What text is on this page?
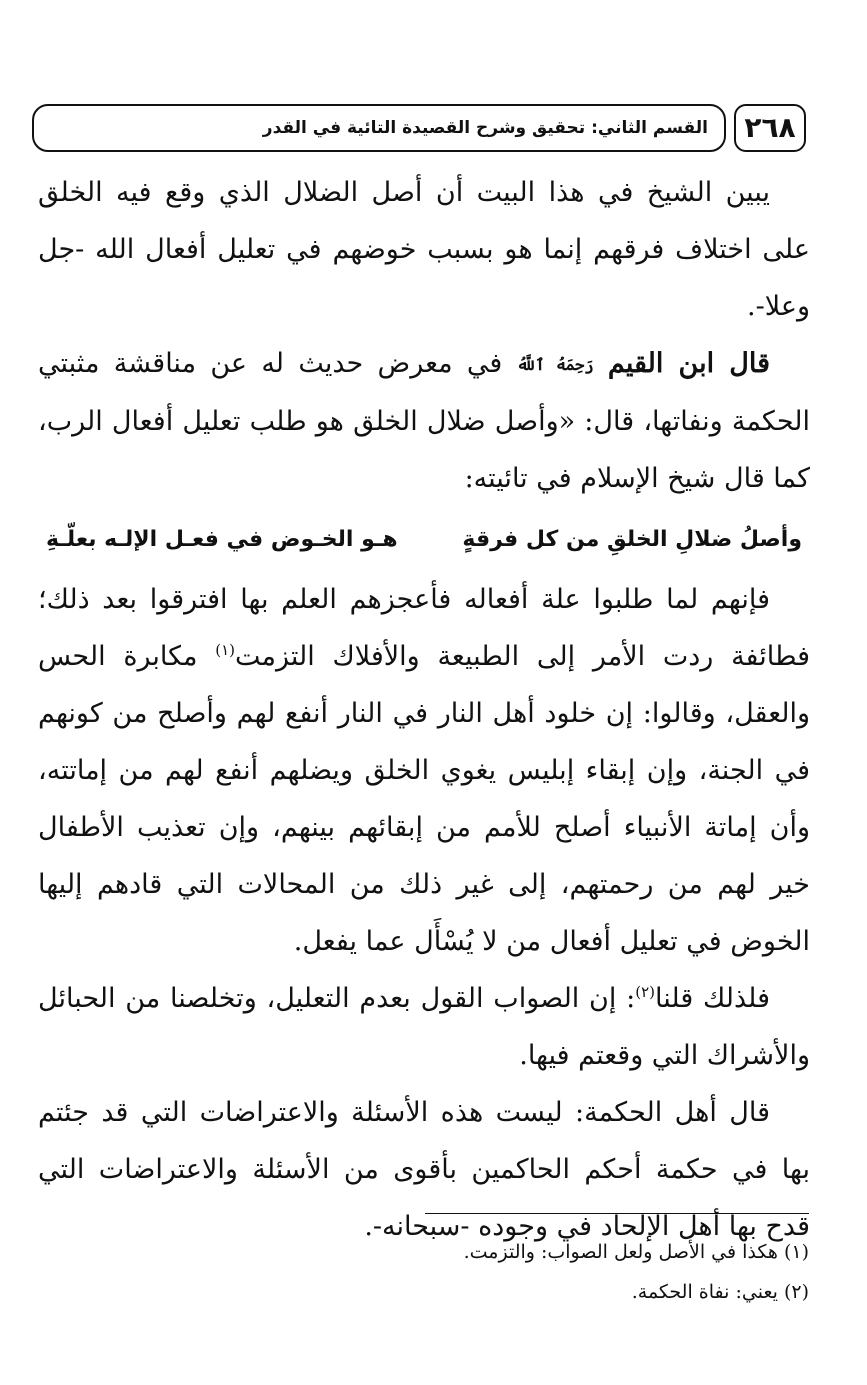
٢٦٨
القسم الثاني: تحقيق وشرح القصيدة التائية في القدر

يبين الشيخ في هذا البيت أن أصل الضلال الذي وقع فيه الخلق على اختلاف فرقهم إنما هو بسبب خوضهم في تعليل أفعال الله -جل وعلا-.

قال ابن القيم رَحِمَهُ ٱللَّهُ في معرض حديث له عن مناقشة مثبتي الحكمة ونفاتها، قال: «وأصل ضلال الخلق هو طلب تعليل أفعال الرب، كما قال شيخ الإسلام في تائيته:

وأصلُ ضلالِ الخلقِ من كل فرقةٍ
هـو الخـوض في فعـل الإلـه بعلّـةِ

فإنهم لما طلبوا علة أفعاله فأعجزهم العلم بها افترقوا بعد ذلك؛ فطائفة ردت الأمر إلى الطبيعة والأفلاك التزمت$^{(١)}$ مكابرة الحس والعقل، وقالوا: إن خلود أهل النار في النار أنفع لهم وأصلح من كونهم في الجنة، وإن إبقاء إبليس يغوي الخلق ويضلهم أنفع لهم من إماتته، وأن إماتة الأنبياء أصلح للأمم من إبقائهم بينهم، وإن تعذيب الأطفال خير لهم من رحمتهم، إلى غير ذلك من المحالات التي قادهم إليها الخوض في تعليل أفعال من لا يُسْأَل عما يفعل.

فلذلك قلنا$^{(٢)}$: إن الصواب القول بعدم التعليل، وتخلصنا من الحبائل والأشراك التي وقعتم فيها.

قال أهل الحكمة: ليست هذه الأسئلة والاعتراضات التي قد جئتم بها في حكمة أحكم الحاكمين بأقوى من الأسئلة والاعتراضات التي قدح بها أهل الإلحاد في وجوده -سبحانه-.

(١) هكذا في الأصل ولعل الصواب: والتزمت.

(٢) يعني: نفاة الحكمة.
